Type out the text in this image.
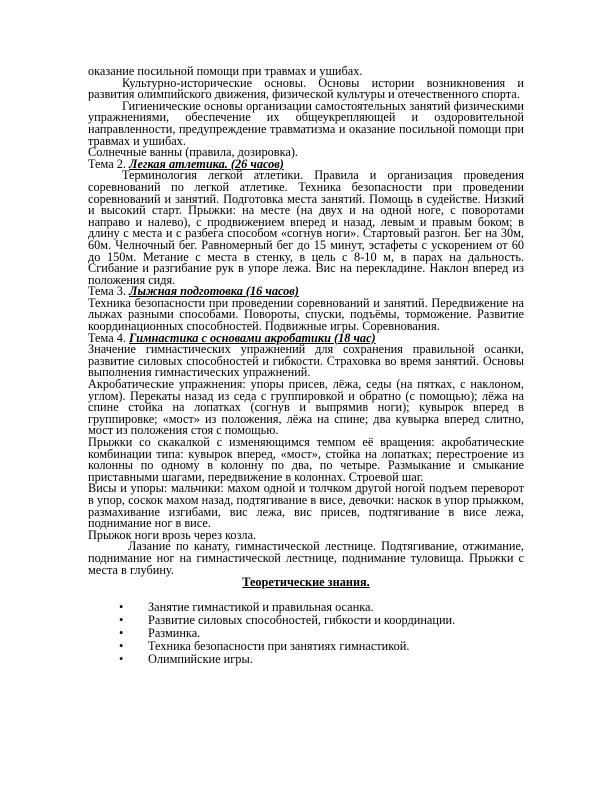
оказание посильной помощи при травмах и ушибах.

Культурно-исторические основы. Основы истории возникновения и развития олимпийского движения, физической культуры и отечественного спорта.

Гигиенические основы организации самостоятельных занятий физическими упражнениями, обеспечение их общеукрепляющей и оздоровительной направленности, предупреждение травматизма и оказание посильной помощи при травмах и ушибах.

Солнечные ванны (правила, дозировка).

Тема 2. Легкая атлетика. (26 часов)

Терминология легкой атлетики. Правила и организация проведения соревнований по легкой атлетике. Техника безопасности при проведении соревнований и занятий. Подготовка места занятий. Помощь в судействе. Низкий и высокий старт. Прыжки: на месте (на двух и на одной ноге, с поворотами направо и налево), с продвижением вперед и назад, левым и правым боком; в длину с места и с разбега способом «согнув ноги». Стартовый разгон. Бег на 30м, 60м. Челночный бег. Равномерный бег до 15 минут, эстафеты с ускорением от 60 до 150м. Метание с места в стенку, в цель с 8-10 м, в парах на дальность. Сгибание и разгибание рук в упоре лежа. Вис на перекладине. Наклон вперед из положения сидя.

Тема 3. Лыжная подготовка (16 часов)

Техника безопасности при проведении соревнований и занятий. Передвижение на лыжах разными способами. Повороты, спуски, подъёмы, торможение. Развитие координационных способностей. Подвижные игры. Соревнования.

Тема 4. Гимнастика с основами акробатики (18 час)

Значение гимнастических упражнений для сохранения правильной осанки, развитие силовых способностей и гибкости. Страховка во время занятий. Основы выполнения гимнастических упражнений.

Акробатические упражнения: упоры присев, лёжа, седы (на пятках, с наклоном, углом). Перекаты назад из седа с группировкой и обратно (с помощью); лёжа на спине стойка на лопатках (согнув и выпрямив ноги); кувырок вперед в группировке; «мост» из положения, лёжа на спине; два кувырка вперед слитно, мост из положения стоя с помощью.

Прыжки со скакалкой с изменяющимся темпом её вращения: акробатические комбинации типа: кувырок вперед, «мост», стойка на лопатках; перестроение из колонны по одному в колонну по два, по четыре. Размыкание и смыкание приставными шагами, передвижение в колоннах. Строевой шаг.

Висы и упоры: мальчики: махом одной и толчком другой ногой подъем переворот в упор, соскок махом назад, подтягивание в висе, девочки: наскок в упор прыжком, размахивание изгибами, вис лежа, вис присев, подтягивание в висе лежа, поднимание ног в висе.

Прыжок ноги врозь через козла.

Лазание по канату, гимнастической лестнице. Подтягивание, отжимание, поднимание ног на гимнастической лестнице, поднимание туловища. Прыжки с места в глубину.

Теоретические знания.

• Занятие гимнастикой и правильная осанка.
• Развитие силовых способностей, гибкости и координации.
• Разминка.
• Техника безопасности при занятиях гимнастикой.
• Олимпийские игры.
